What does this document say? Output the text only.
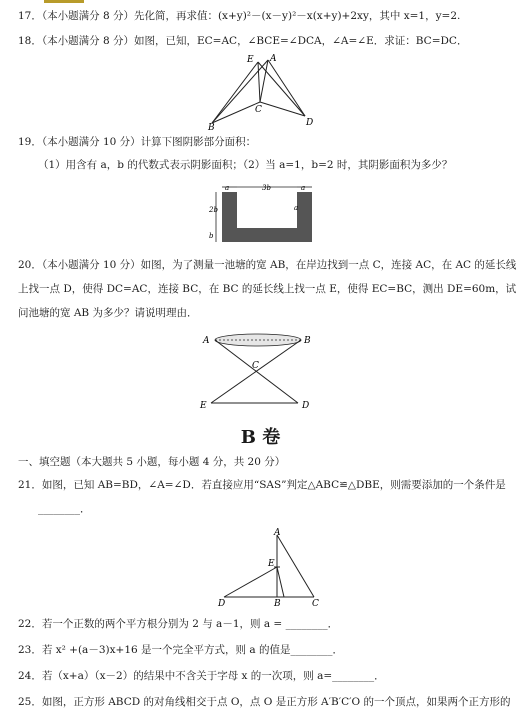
17．（本小题满分 8 分）先化简，再求值：(x+y)²－(x－y)²－x(x+y)+2xy，其中 x=1，y=2.
18．（本小题满分 8 分）如图，已知，EC=AC，∠BCE=∠DCA，∠A=∠E．求证：BC=DC．
E A
C
B	D
19．（本小题满分 10 分）计算下图阴影部分面积：
（1）用含有 a，b 的代数式表示阴影面积；（2）当 a=1，b=2 时，其阴影面积为多少？
a	3b	a
a
2b
b
20．（本小题满分 10 分）如图，为了测量一池塘的宽 AB，在岸边找到一点 C，连接 AC，在 AC 的延长线
上找一点 D，使得 DC=AC，连接 BC，在 BC 的延长线上找一点 E，使得 EC=BC，测出 DE=60m，试
问池塘的宽 AB 为多少？请说明理由．
A	B
C
E	D
B 卷
一、填空题（本大题共 5 小题，每小题 4 分，共 20 分）
21．如图，已知 AB=BD，∠A=∠D．若直接应用“SAS”判定△ABC≌△DBE，则需要添加的一个条件是
________．
A
E
D	B	C
22．若一个正数的两个平方根分别为 2 与 a－1，则 a = ________．
23．若 x² +(a－3)x+16 是一个完全平方式，则 a 的值是________．
24．若（x+a）（x－2）的结果中不含关于字母 x 的一次项，则 a=________．
25．如图，正方形 ABCD 的对角线相交于点 O，点 O 是正方形 A′B′C′O 的一个顶点，如果两个正方形的
